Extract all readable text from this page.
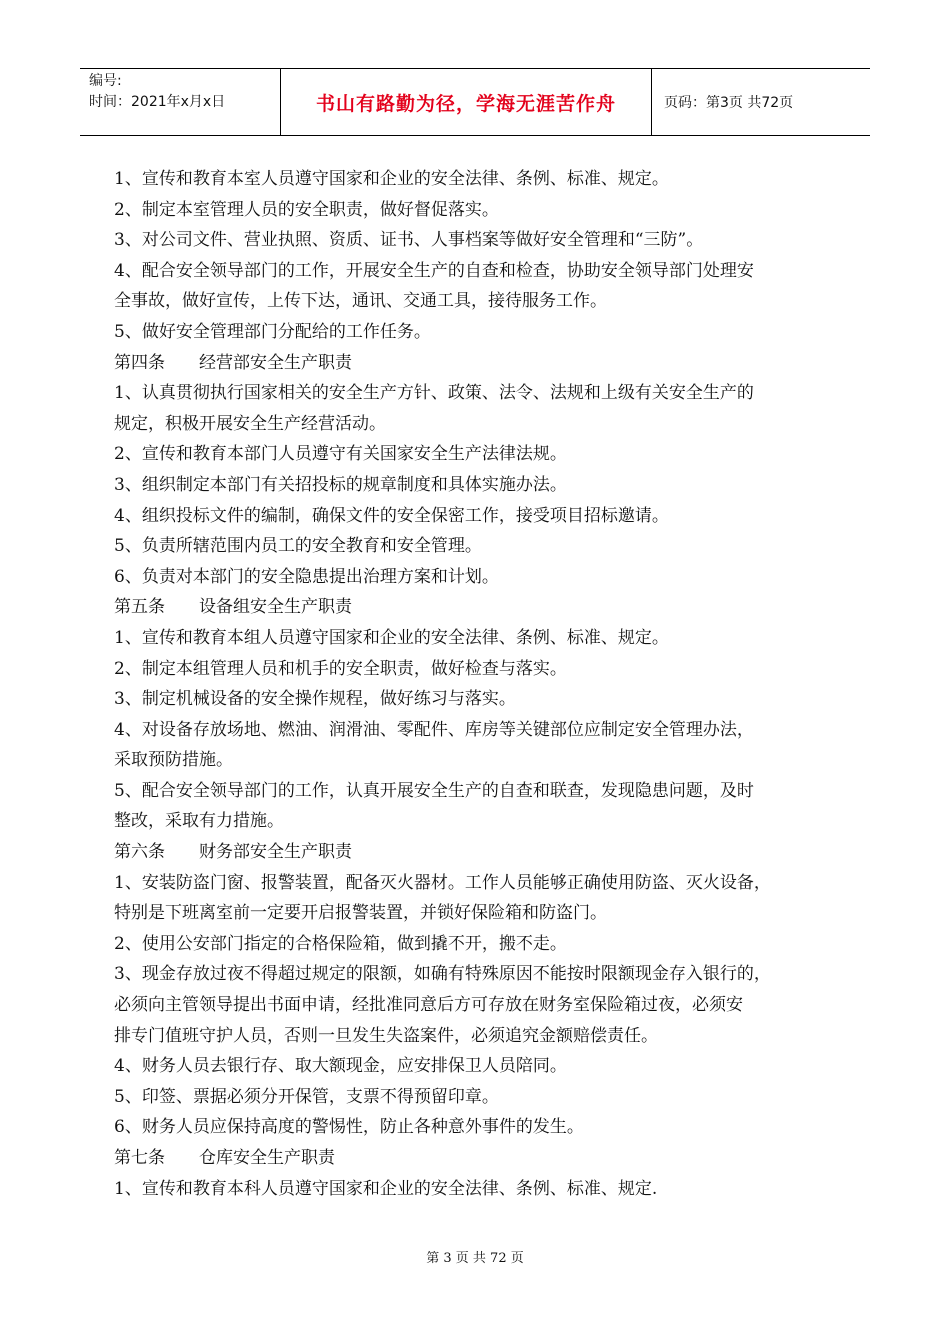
编号:
时间：2021年x月x日	书山有路勤为径，学海无涯苦作舟	页码：第3页 共72页
1、宣传和教育本室人员遵守国家和企业的安全法律、条例、标准、规定。
2、制定本室管理人员的安全职责，做好督促落实。
3、对公司文件、营业执照、资质、证书、人事档案等做好安全管理和“三防”。
4、配合安全领导部门的工作，开展安全生产的自查和检查，协助安全领导部门处理安
全事故，做好宣传，上传下达，通讯、交通工具，接待服务工作。
5、做好安全管理部门分配给的工作任务。
第四条 经营部安全生产职责
1、认真贯彻执行国家相关的安全生产方针、政策、法令、法规和上级有关安全生产的
规定，积极开展安全生产经营活动。
2、宣传和教育本部门人员遵守有关国家安全生产法律法规。
3、组织制定本部门有关招投标的规章制度和具体实施办法。
4、组织投标文件的编制，确保文件的安全保密工作，接受项目招标邀请。
5、负责所辖范围内员工的安全教育和安全管理。
6、负责对本部门的安全隐患提出治理方案和计划。
第五条 设备组安全生产职责
1、宣传和教育本组人员遵守国家和企业的安全法律、条例、标准、规定。
2、制定本组管理人员和机手的安全职责，做好检查与落实。
3、制定机械设备的安全操作规程，做好练习与落实。
4、对设备存放场地、燃油、润滑油、零配件、库房等关键部位应制定安全管理办法，
采取预防措施。
5、配合安全领导部门的工作，认真开展安全生产的自查和联查，发现隐患问题，及时
整改，采取有力措施。
第六条 财务部安全生产职责
1、安装防盗门窗、报警装置，配备灭火器材。工作人员能够正确使用防盗、灭火设备，
特别是下班离室前一定要开启报警装置，并锁好保险箱和防盗门。
2、使用公安部门指定的合格保险箱，做到撬不开，搬不走。
3、现金存放过夜不得超过规定的限额，如确有特殊原因不能按时限额现金存入银行的，
必须向主管领导提出书面申请，经批准同意后方可存放在财务室保险箱过夜，必须安
排专门值班守护人员，否则一旦发生失盗案件，必须追究金额赔偿责任。
4、财务人员去银行存、取大额现金，应安排保卫人员陪同。
5、印签、票据必须分开保管，支票不得预留印章。
6、财务人员应保持高度的警惕性，防止各种意外事件的发生。
第七条 仓库安全生产职责
1、宣传和教育本科人员遵守国家和企业的安全法律、条例、标准、规定.
第 3 页 共 72 页
